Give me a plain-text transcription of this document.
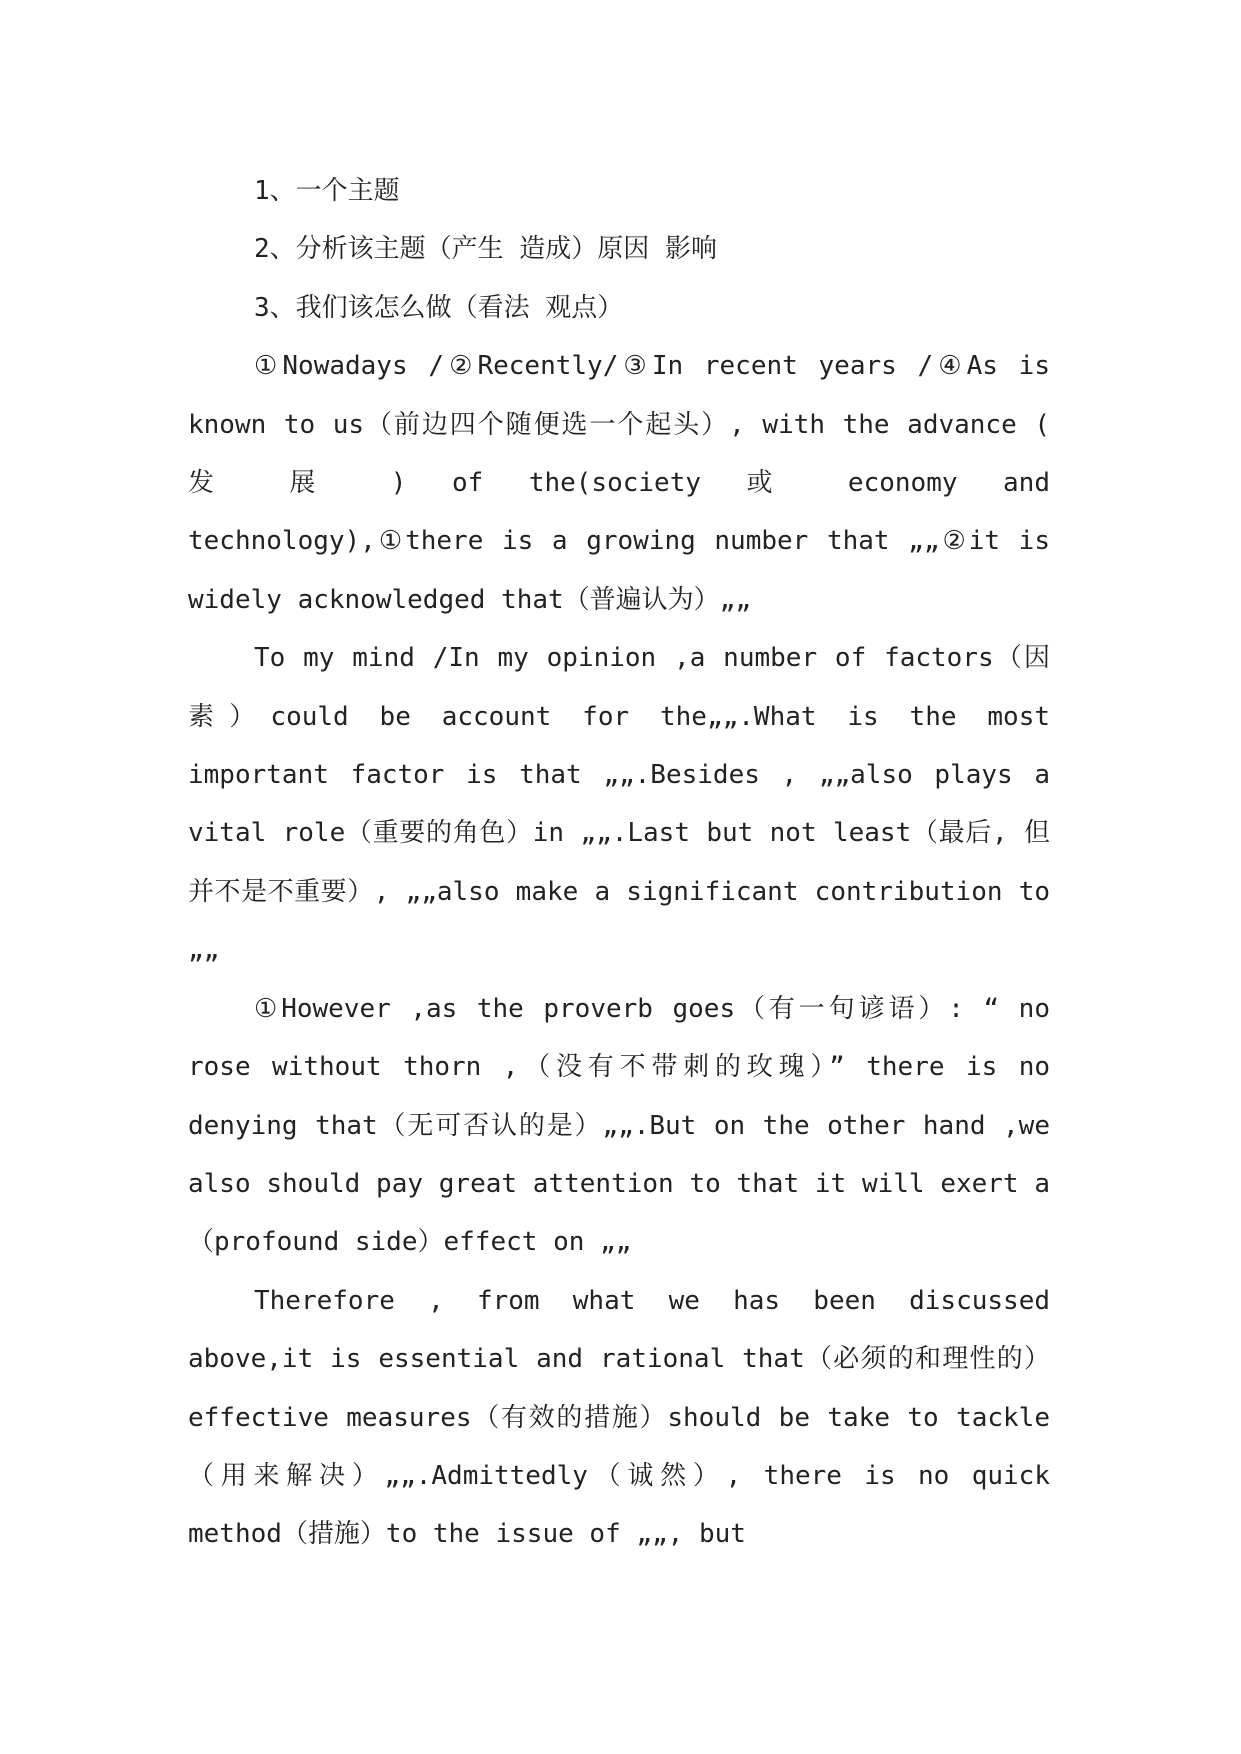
1、一个主题

2、分析该主题（产生 造成）原因 影响

3、我们该怎么做（看法 观点）

①Nowadays /②Recently/③In recent years /④As is known to us（前边四个随便选一个起头）, with the advance ( 发 展 ) of the(society 或 economy and technology),①there is a growing number that „„②it is widely acknowledged that（普遍认为）„„

To my mind /In my opinion ,a number of factors（因素）could be account for the„„.What is the most important factor is that „„.Besides , „„also plays a vital role（重要的角色）in „„.Last but not least（最后, 但并不是不重要）, „„also make a significant contribution to „„

①However ,as the proverb goes（有一句谚语）: “ no rose without thorn ,（没有不带刺的玫瑰）” there is no denying that（无可否认的是）„„.But on the other hand ,we also should pay great attention to that it will exert a（profound side）effect on „„

Therefore , from what we has been discussed above,it is essential and rational that（必须的和理性的）effective measures（有效的措施）should be take to tackle（用来解决）„„.Admittedly（诚然）, there is no quick method（措施）to the issue of „„, but
